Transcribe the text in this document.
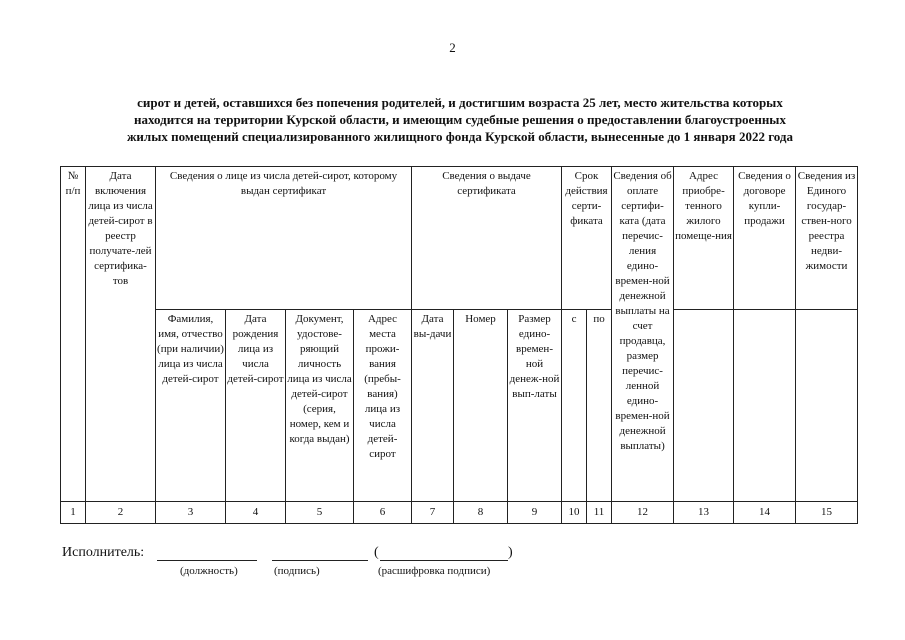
2
сирот и детей, оставшихся без попечения родителей, и достигшим возраста 25 лет, место жительства которых
находится на территории Курской области, и имеющим судебные решения о предоставлении благоустроенных
жилых помещений специализированного жилищного фонда Курской области, вынесенные до 1 января 2022 года
№ п/п	Дата включения лица из числа детей-сирот в реестр получате-лей сертифика-тов	Сведения о лице из числа детей-сирот, которому выдан сертификат				Сведения о выдаче сертификата			Срок действия серти-фиката		Сведения об оплате сертифи-ката (дата перечис-ления едино-времен-ной денежной выплаты на счет продавца, размер перечис-ленной едино-времен-ной денежной выплаты)	Адрес приобре-тенного жилого помеще-ния	Сведения о договоре купли-продажи	Сведения из Единого государ-ствен-ного реестра недви-жимости
		Фамилия, имя, отчество (при наличии) лица из числа детей-сирот	Дата рождения лица из числа детей-сирот	Документ, удостове-ряющий личность лица из числа детей-сирот (серия, номер, кем и когда выдан)	Адрес места прожи-вания (пребы-вания) лица из числа детей-сирот	Дата вы-дачи	Номер	Размер едино-времен-ной денеж-ной вып-латы	с	по				
1	2	3	4	5	6	7	8	9	10	11	12	13	14	15
Исполнитель:	(	)
(должность)	(подпись)	(расшифровка подписи)
